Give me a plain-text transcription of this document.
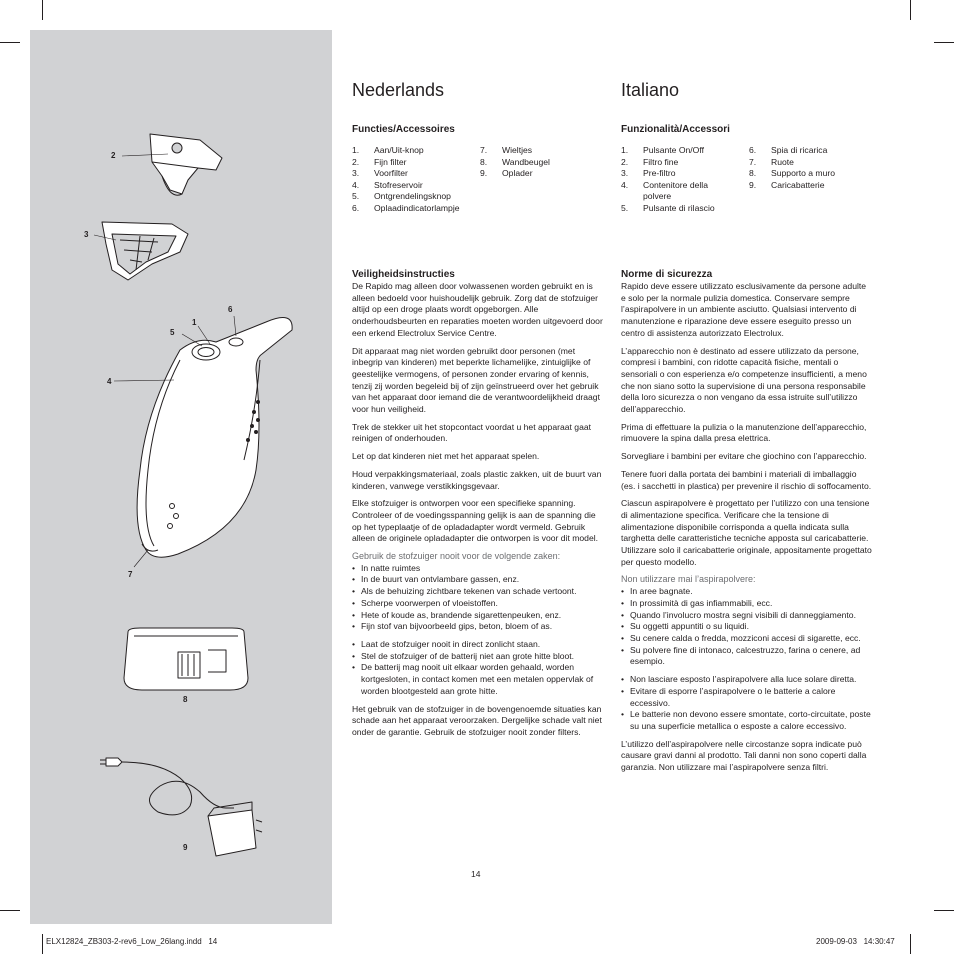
2
3
1
5
6
4
7
8
9
Nederlands
Functies/Accessoires
1.	Aan/Uit-knop
2.	Fijn filter
3.	Voorfilter
4.	Stofreservoir
5.	Ontgrendelingsknop
6.	Oplaadindicatorlampje
7.	Wieltjes
8.	Wandbeugel
9.	Oplader
Veiligheidsinstructies

De Rapido mag alleen door volwassenen worden gebruikt en is alleen bedoeld voor huishoudelijk gebruik. Zorg dat de stofzuiger altijd op een droge plaats wordt opgeborgen. Alle onderhoudsbeurten en reparaties moeten worden uitgevoerd door een erkend Electrolux Service Centre.

Dit apparaat mag niet worden gebruikt door personen (met inbegrip van kinderen) met beperkte lichamelijke, zintuiglijke of geestelijke vermogens, of personen zonder ervaring of kennis, tenzij zij worden begeleid bij of zijn geïnstrueerd over het gebruik van het apparaat door iemand die de verantwoordelijkheid draagt voor hun veiligheid.

Trek de stekker uit het stopcontact voordat u het apparaat gaat reinigen of onderhouden.

Let op dat kinderen niet met het apparaat spelen.

Houd verpakkingsmateriaal, zoals plastic zakken, uit de buurt van kinderen, vanwege verstikkingsgevaar.

Elke stofzuiger is ontworpen voor een specifieke spanning. Controleer of de voedingsspanning gelijk is aan de spanning die op het typeplaatje of de opladadapter wordt vermeld. Gebruik alleen de originele opladadapter die ontworpen is voor dit model.

Gebruik de stofzuiger nooit voor de volgende zaken:

• In natte ruimtes
• In de buurt van ontvlambare gassen, enz.
• Als de behuizing zichtbare tekenen van schade vertoont.
• Scherpe voorwerpen of vloeistoffen.
• Hete of koude as, brandende sigarettenpeuken, enz.
• Fijn stof van bijvoorbeeld gips, beton, bloem of as.
• Laat de stofzuiger nooit in direct zonlicht staan.
• Stel de stofzuiger of de batterij niet aan grote hitte bloot.
• De batterij mag nooit uit elkaar worden gehaald, worden kortgesloten, in contact komen met een metalen oppervlak of worden blootgesteld aan grote hitte.

Het gebruik van de stofzuiger in de bovengenoemde situaties kan schade aan het apparaat veroorzaken. Dergelijke schade valt niet onder de garantie. Gebruik de stofzuiger nooit zonder filters.

Italiano
Funzionalità/Accessori
1.	Pulsante On/Off
2.	Filtro fine
3.	Pre-filtro
4.	Contenitore della
polvere
5.	Pulsante di rilascio
6.	Spia di ricarica
7.	Ruote
8.	Supporto a muro
9.	Caricabatterie
Norme di sicurezza

Rapido deve essere utilizzato esclusivamente da persone adulte e solo per la normale pulizia domestica. Conservare sempre l’aspirapolvere in un ambiente asciutto. Qualsiasi intervento di manutenzione e riparazione deve essere eseguito presso un centro di assistenza autorizzato Electrolux.

L’apparecchio non è destinato ad essere utilizzato da persone, compresi i bambini, con ridotte capacità fisiche, mentali o sensoriali o con esperienza e/o competenze insufficienti, a meno che non siano sotto la supervisione di una persona responsabile della loro sicurezza o non vengano da essa istruite sull’utilizzo dell’apparecchio.

Prima di effettuare la pulizia o la manutenzione dell’apparecchio, rimuovere la spina dalla presa elettrica.

Sorvegliare i bambini per evitare che giochino con l’apparecchio.

Tenere fuori dalla portata dei bambini i materiali di imballaggio (es. i sacchetti in plastica) per prevenire il rischio di soffocamento.

Ciascun aspirapolvere è progettato per l’utilizzo con una tensione di alimentazione specifica. Verificare che la tensione di alimentazione disponibile corrisponda a quella indicata sulla targhetta delle caratteristiche tecniche apposta sul caricabatterie. Utilizzare solo il caricabatterie originale, appositamente progettato per questo modello.

Non utilizzare mai l’aspirapolvere:

• In aree bagnate.
• In prossimità di gas infiammabili, ecc.
• Quando l’involucro mostra segni visibili di danneggiamento.
• Su oggetti appuntiti o su liquidi.
• Su cenere calda o fredda, mozziconi accesi di sigarette, ecc.
• Su polvere fine di intonaco, calcestruzzo, farina o cenere, ad esempio.
• Non lasciare esposto l’aspirapolvere alla luce solare diretta.
• Evitare di esporre l’aspirapolvere o le batterie a calore eccessivo.
• Le batterie non devono essere smontate, corto-circuitate, poste su una superficie metallica o esposte a calore eccessivo.

L’utilizzo dell’aspirapolvere nelle circostanze sopra indicate può causare gravi danni al prodotto. Tali danni non sono coperti dalla garanzia. Non utilizzare mai l’aspirapolvere senza filtri.

14
ELX12824_ZB303-2-rev6_Low_26lang.indd   14	2009-09-03   14:30:47
